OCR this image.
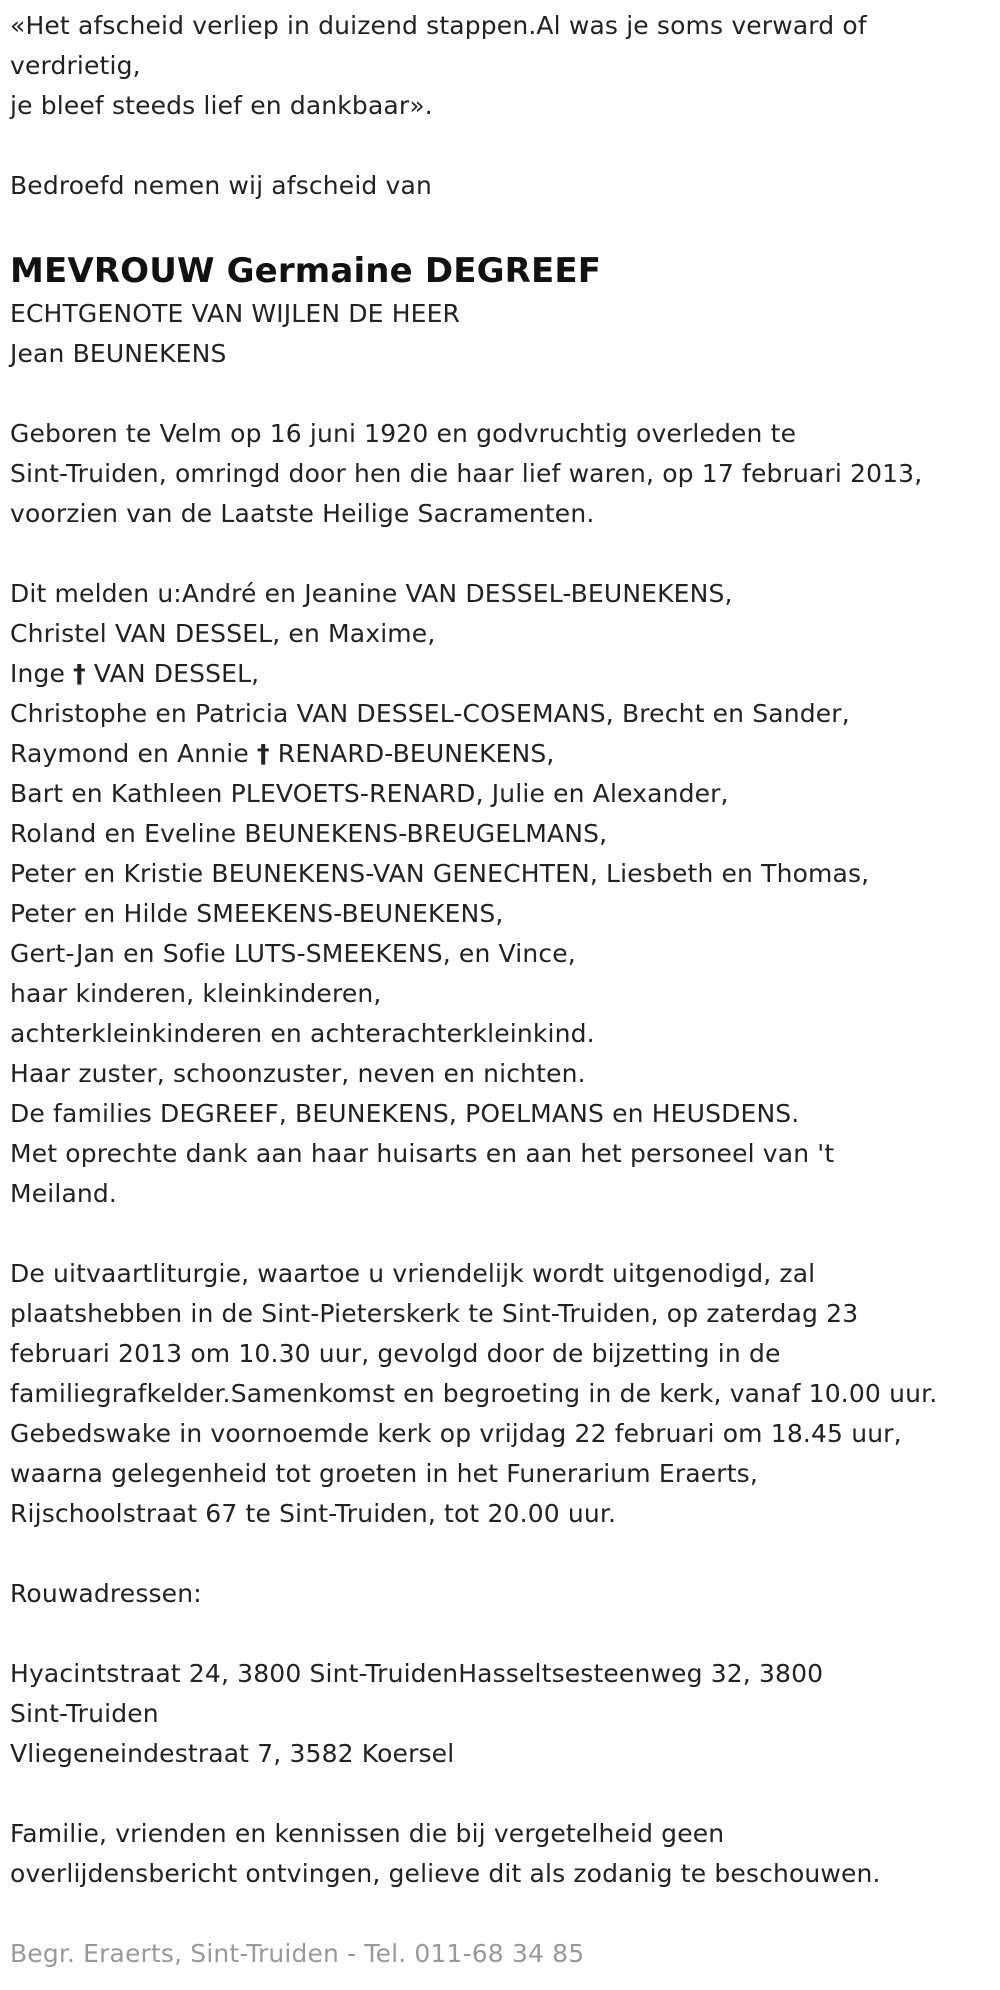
«Het afscheid verliep in duizend stappen.Al was je soms verward of
verdrietig,
je bleef steeds lief en dankbaar».
Bedroefd nemen wij afscheid van
MEVROUW Germaine DEGREEF
ECHTGENOTE VAN WIJLEN DE HEER
Jean BEUNEKENS
Geboren te Velm op 16 juni 1920 en godvruchtig overleden te
Sint-Truiden, omringd door hen die haar lief waren, op 17 februari 2013,
voorzien van de Laatste Heilige Sacramenten.
Dit melden u:André en Jeanine VAN DESSEL-BEUNEKENS,
Christel VAN DESSEL, en Maxime,
Inge † VAN DESSEL,
Christophe en Patricia VAN DESSEL-COSEMANS, Brecht en Sander,
Raymond en Annie † RENARD-BEUNEKENS,
Bart en Kathleen PLEVOETS-RENARD, Julie en Alexander,
Roland en Eveline BEUNEKENS-BREUGELMANS,
Peter en Kristie BEUNEKENS-VAN GENECHTEN, Liesbeth en Thomas,
Peter en Hilde SMEEKENS-BEUNEKENS,
Gert-Jan en Sofie LUTS-SMEEKENS, en Vince,
haar kinderen, kleinkinderen,
achterkleinkinderen en achterachterkleinkind.
Haar zuster, schoonzuster, neven en nichten.
De families DEGREEF, BEUNEKENS, POELMANS en HEUSDENS.
Met oprechte dank aan haar huisarts en aan het personeel van 't
Meiland.
De uitvaartliturgie, waartoe u vriendelijk wordt uitgenodigd, zal
plaatshebben in de Sint-Pieterskerk te Sint-Truiden, op zaterdag 23
februari 2013 om 10.30 uur, gevolgd door de bijzetting in de
familiegrafkelder.Samenkomst en begroeting in de kerk, vanaf 10.00 uur.
Gebedswake in voornoemde kerk op vrijdag 22 februari om 18.45 uur,
waarna gelegenheid tot groeten in het Funerarium Eraerts,
Rijschoolstraat 67 te Sint-Truiden, tot 20.00 uur.
Rouwadressen:
Hyacintstraat 24, 3800 Sint-TruidenHasseltsesteenweg 32, 3800
Sint-Truiden
Vliegeneindestraat 7, 3582 Koersel
Familie, vrienden en kennissen die bij vergetelheid geen
overlijdensbericht ontvingen, gelieve dit als zodanig te beschouwen.
Begr. Eraerts, Sint-Truiden - Tel. 011-68 34 85
